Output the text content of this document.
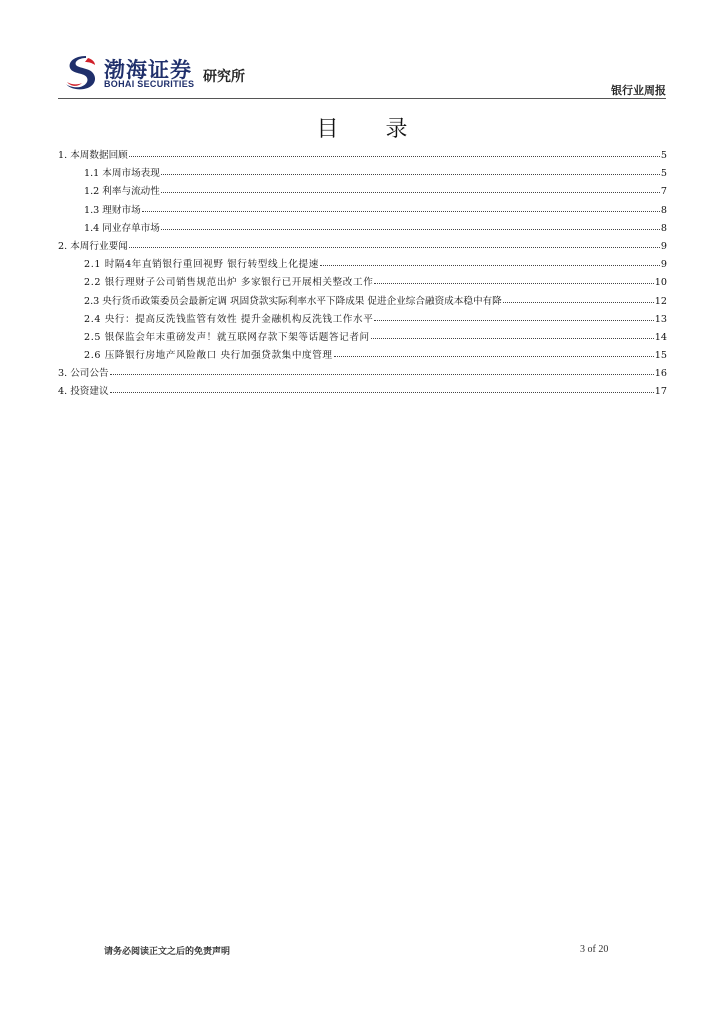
渤海证券
BOHAI SECURITIES 研究所
银行业周报
目 录
1. 本周数据回顾	5
1.1 本周市场表现	5
1.2 利率与流动性	7
1.3 理财市场	8
1.4 同业存单市场	8
2. 本周行业要闻	9
2.1 时隔4年直销银行重回视野 银行转型线上化提速	9
2.2 银行理财子公司销售规范出炉 多家银行已开展相关整改工作	10
2.3 央行货币政策委员会最新定调 巩固贷款实际利率水平下降成果 促进企业综合融资成本稳中有降	12
2.4 央行：提高反洗钱监管有效性 提升金融机构反洗钱工作水平	13
2.5 银保监会年末重磅发声！就互联网存款下架等话题答记者问	14
2.6 压降银行房地产风险敞口 央行加强贷款集中度管理	15
3. 公司公告	16
4. 投资建议	17
请务必阅读正文之后的免责声明	3 of 20
